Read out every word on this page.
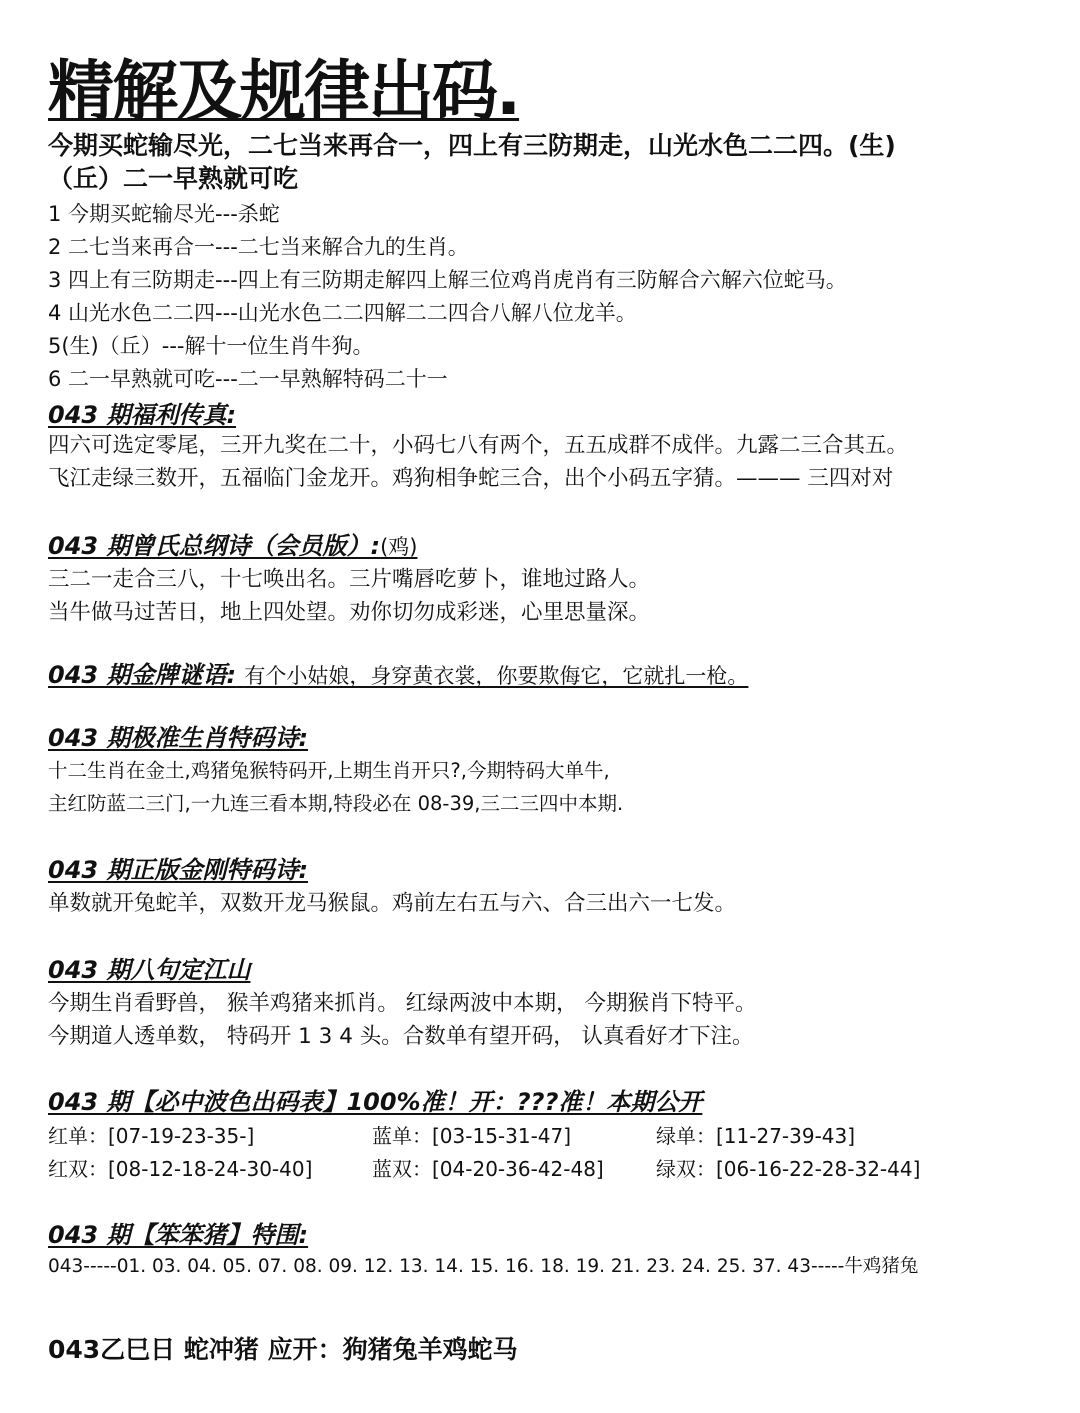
精解及规律出码.
今期买蛇输尽光，二七当来再合一，四上有三防期走，山光水色二二四。(生)
（丘）二一早熟就可吃
1 今期买蛇输尽光---杀蛇
2 二七当来再合一---二七当来解合九的生肖。
3 四上有三防期走---四上有三防期走解四上解三位鸡肖虎肖有三防解合六解六位蛇马。
4 山光水色二二四---山光水色二二四解二二四合八解八位龙羊。
5(生)（丘）---解十一位生肖牛狗。
6 二一早熟就可吃---二一早熟解特码二十一
043 期福利传真:
四六可选定零尾，三开九奖在二十，小码七八有两个，五五成群不成伴。九露二三合其五。
飞江走绿三数开，五福临门金龙开。鸡狗相争蛇三合，出个小码五字猜。——— 三四对对
043 期曾氏总纲诗（会员版）:(鸡)
三二一走合三八，十七唤出名。三片嘴唇吃萝卜，谁地过路人。
当牛做马过苦日，地上四处望。劝你切勿成彩迷，心里思量深。
043 期金牌谜语: 有个小姑娘，身穿黄衣裳，你要欺侮它，它就扎一枪。
043 期极准生肖特码诗:
十二生肖在金土,鸡猪兔猴特码开,上期生肖开只?,今期特码大单牛,
主红防蓝二三门,一九连三看本期,特段必在 08-39,三二三四中本期.
043 期正版金刚特码诗:
单数就开兔蛇羊，双数开龙马猴鼠。鸡前左右五与六、合三出六一七发。
043 期八句定江山
今期生肖看野兽， 猴羊鸡猪来抓肖。 红绿两波中本期， 今期猴肖下特平。
今期道人透单数， 特码开 1 3 4 头。合数单有望开码， 认真看好才下注。
043 期【必中波色出码表】100%准！开：???准！本期公开
红单：[07-19-23-35-]	蓝单：[03-15-31-47]	绿单：[11-27-39-43]
红双：[08-12-18-24-30-40]	蓝双：[04-20-36-42-48]	绿双：[06-16-22-28-32-44]
043 期【笨笨猪】特围:
043-----01. 03. 04. 05. 07. 08. 09. 12. 13. 14. 15. 16. 18. 19. 21. 23. 24. 25. 37. 43-----牛鸡猪兔
043乙巳日 蛇冲猪 应开：狗猪兔羊鸡蛇马
